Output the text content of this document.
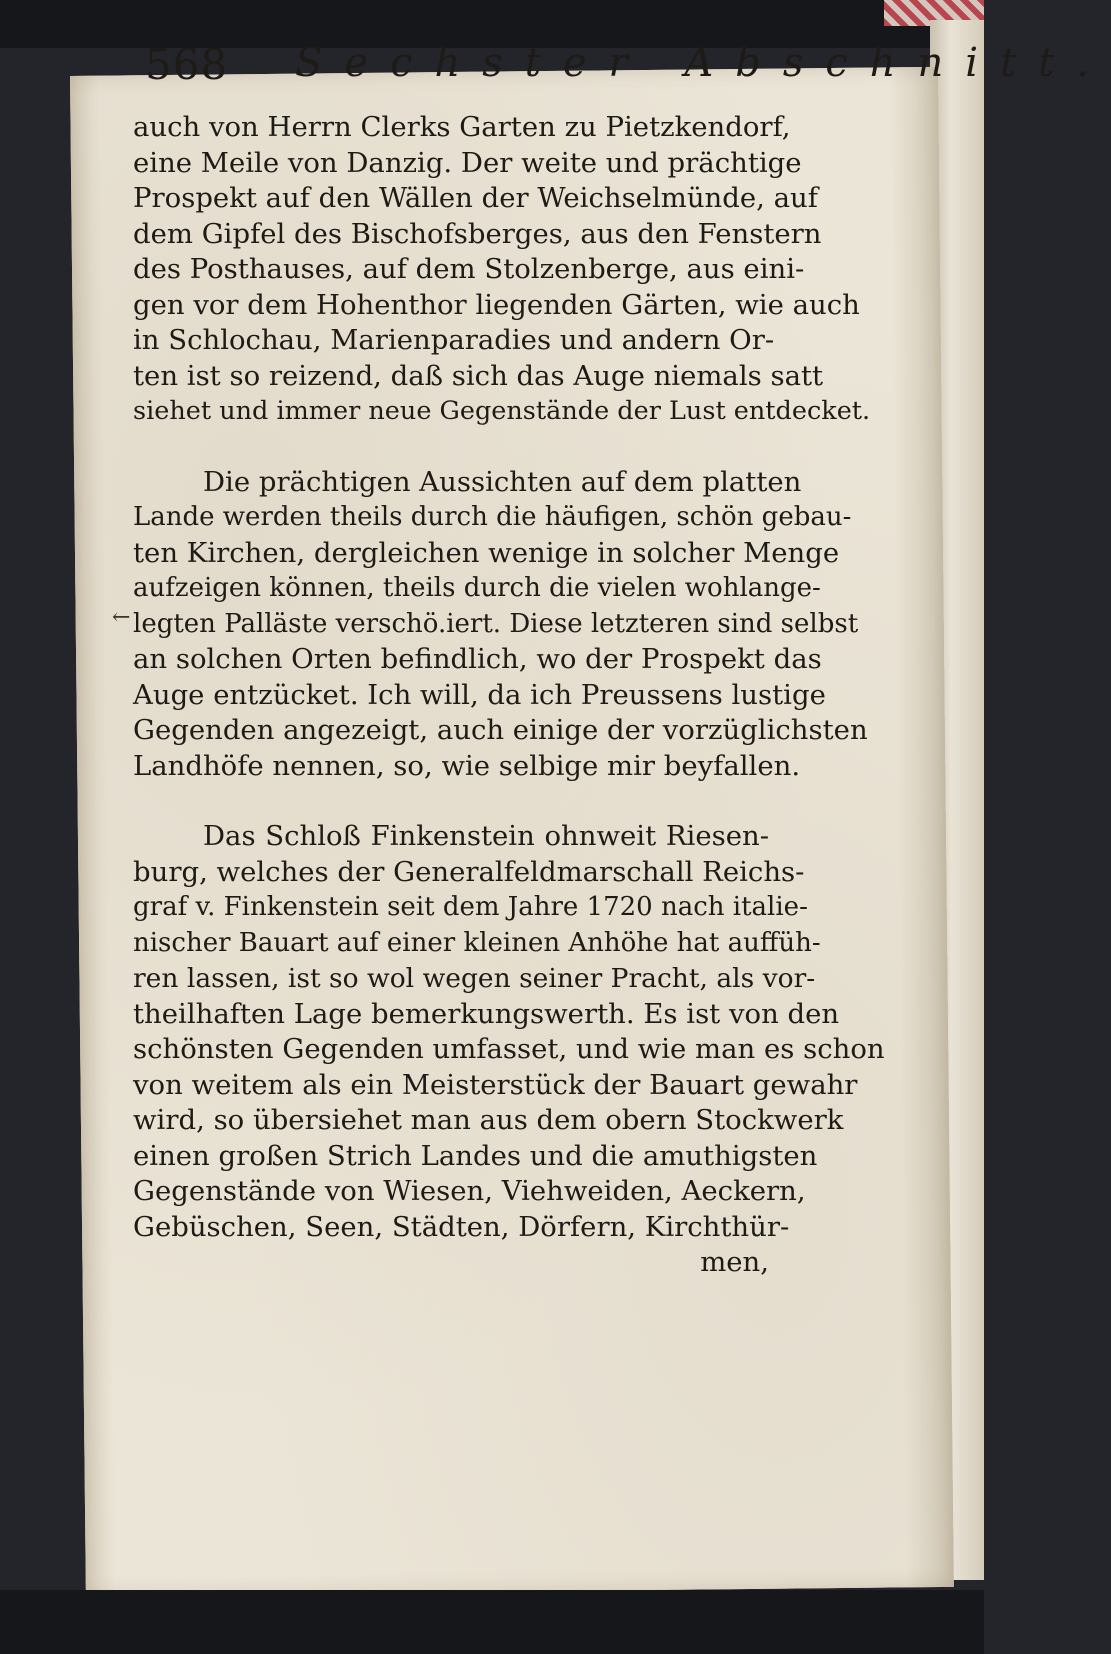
←
568 Sechster Abschnitt.
auch von Herrn Clerks Garten zu Pietzkendorf,
eine Meile von Danzig. Der weite und prächtige
Prospekt auf den Wällen der Weichselmünde, auf
dem Gipfel des Bischofsberges, aus den Fenstern
des Posthauses, auf dem Stolzenberge, aus eini-
gen vor dem Hohenthor liegenden Gärten, wie auch
in Schlochau, Marienparadies und andern Or-
ten ist so reizend, daß sich das Auge niemals satt
siehet und immer neue Gegenstände der Lust entdecket.
Die prächtigen Aussichten auf dem platten
Lande werden theils durch die häufigen, schön gebau-
ten Kirchen, dergleichen wenige in solcher Menge
aufzeigen können, theils durch die vielen wohlange-
legten Palläste verschö.iert. Diese letzteren sind selbst
an solchen Orten befindlich, wo der Prospekt das
Auge entzücket. Ich will, da ich Preussens lustige
Gegenden angezeigt, auch einige der vorzüglichsten
Landhöfe nennen, so, wie selbige mir beyfallen.
Das Schloß Finkenstein ohnweit Riesen-
burg, welches der Generalfeldmarschall Reichs-
graf v. Finkenstein seit dem Jahre 1720 nach italie-
nischer Bauart auf einer kleinen Anhöhe hat auffüh-
ren lassen, ist so wol wegen seiner Pracht, als vor-
theilhaften Lage bemerkungswerth. Es ist von den
schönsten Gegenden umfasset, und wie man es schon
von weitem als ein Meisterstück der Bauart gewahr
wird, so übersiehet man aus dem obern Stockwerk
einen großen Strich Landes und die amuthigsten
Gegenstände von Wiesen, Viehweiden, Aeckern,
Gebüschen, Seen, Städten, Dörfern, Kirchthür-
men,
